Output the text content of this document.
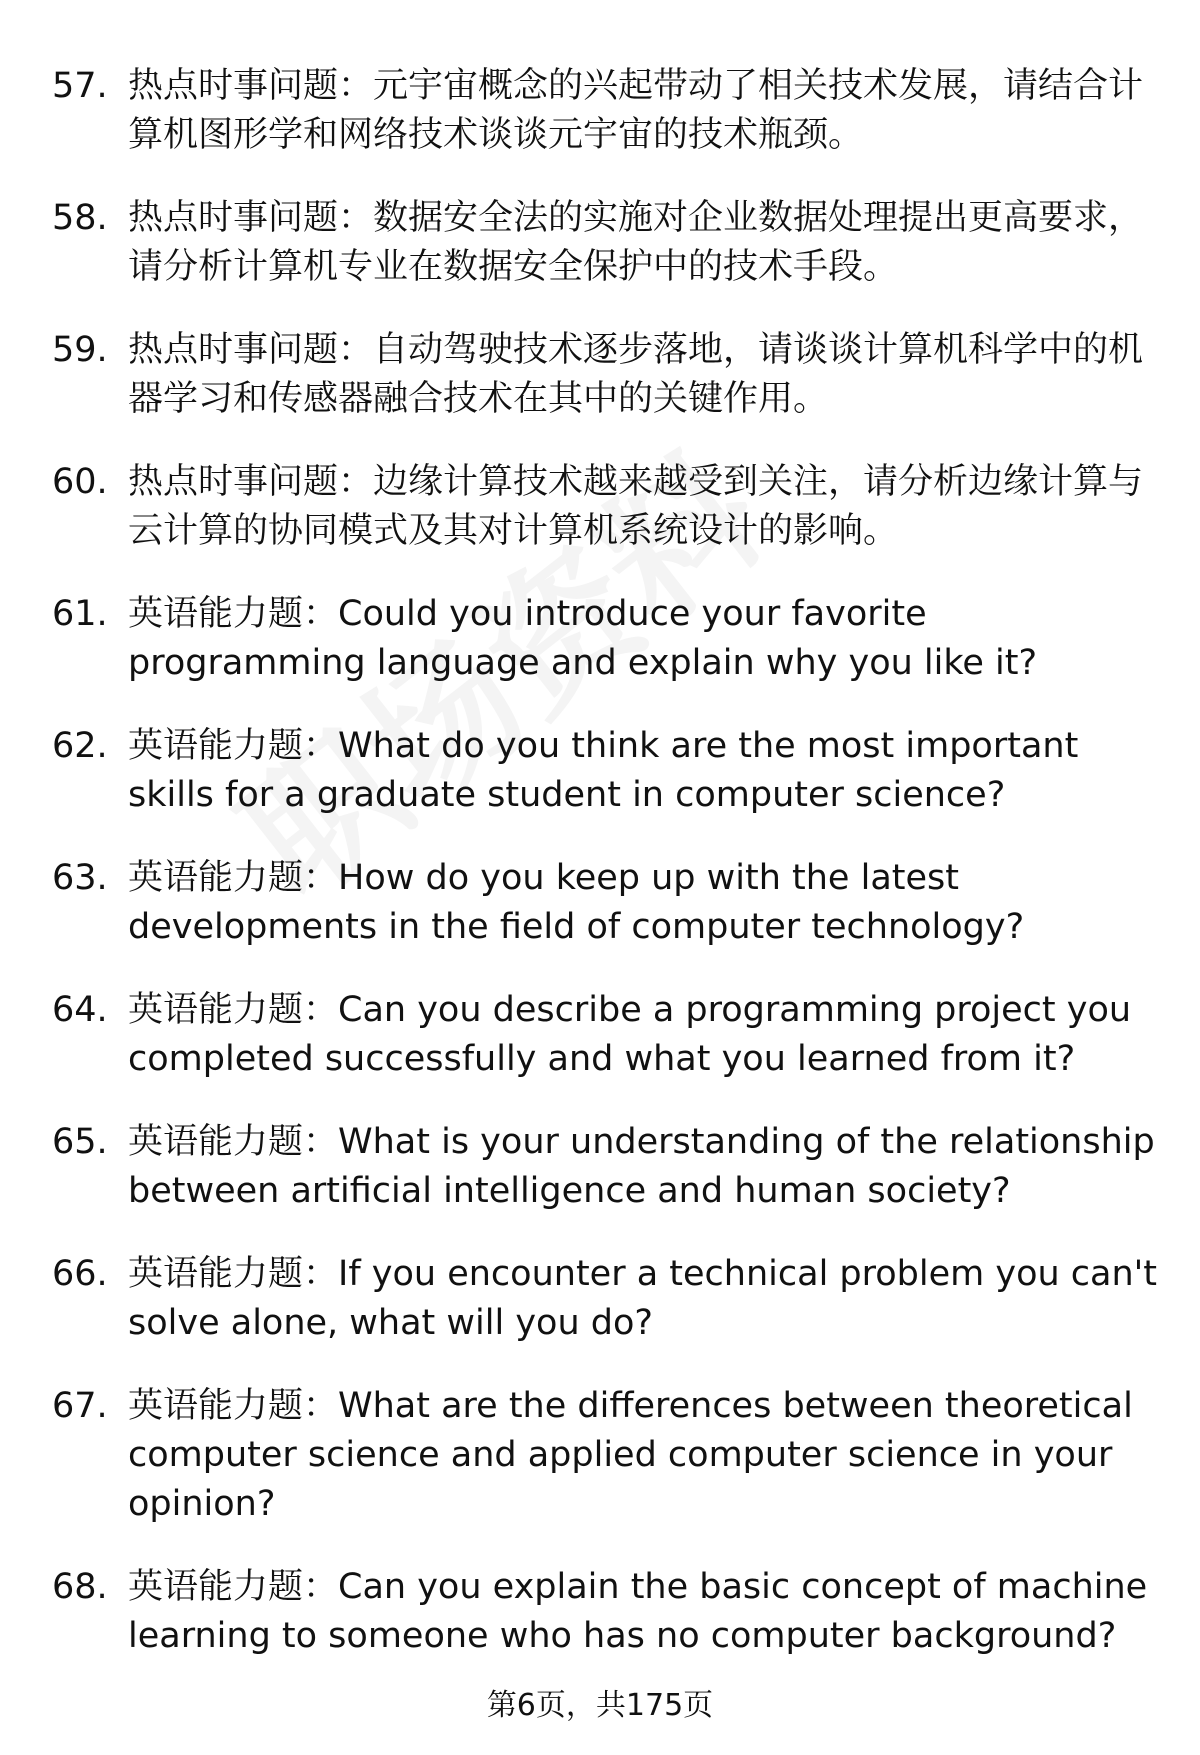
57. 热点时事问题：元宇宙概念的兴起带动了相关技术发展，请结合计算机图形学和网络技术谈谈元宇宙的技术瓶颈。
58. 热点时事问题：数据安全法的实施对企业数据处理提出更高要求，请分析计算机专业在数据安全保护中的技术手段。
59. 热点时事问题：自动驾驶技术逐步落地，请谈谈计算机科学中的机器学习和传感器融合技术在其中的关键作用。
60. 热点时事问题：边缘计算技术越来越受到关注，请分析边缘计算与云计算的协同模式及其对计算机系统设计的影响。
61. 英语能力题：Could you introduce your favorite programming language and explain why you like it?
62. 英语能力题：What do you think are the most important skills for a graduate student in computer science?
63. 英语能力题：How do you keep up with the latest developments in the field of computer technology?
64. 英语能力题：Can you describe a programming project you completed successfully and what you learned from it?
65. 英语能力题：What is your understanding of the relationship between artificial intelligence and human society?
66. 英语能力题：If you encounter a technical problem you can't solve alone, what will you do?
67. 英语能力题：What are the differences between theoretical computer science and applied computer science in your opinion?
68. 英语能力题：Can you explain the basic concept of machine learning to someone who has no computer background?
第6页，共175页
